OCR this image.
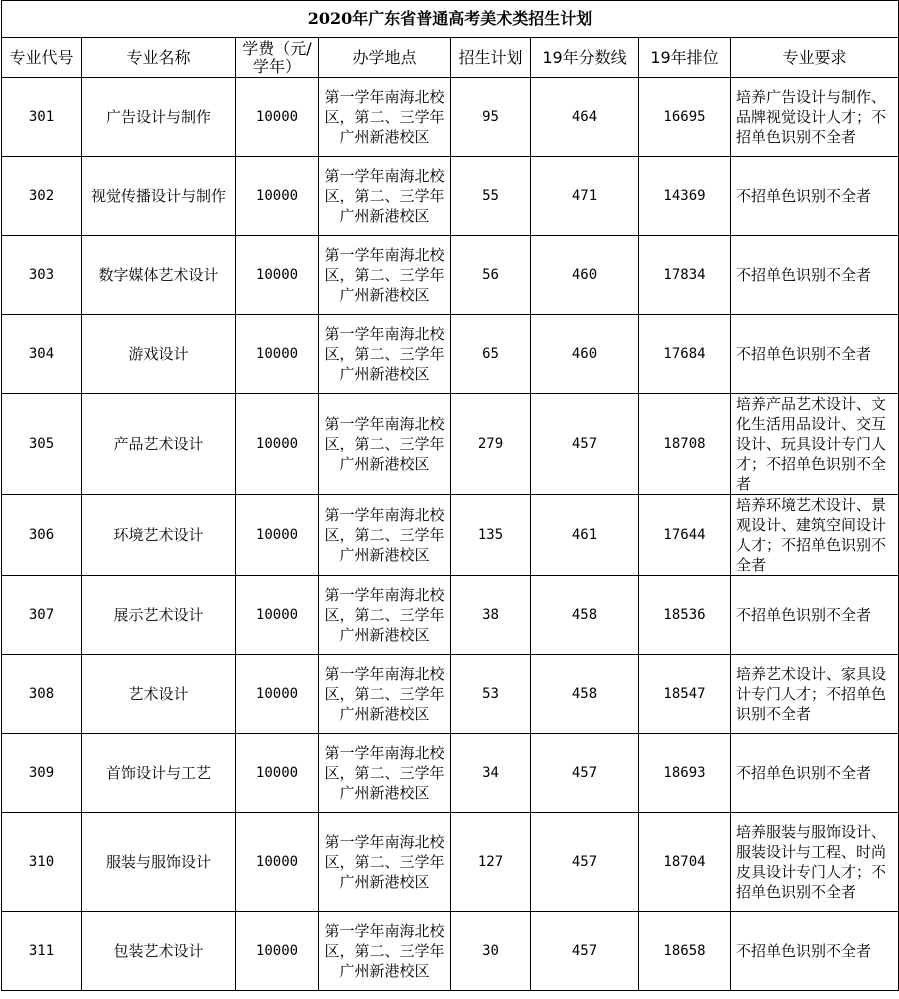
2020年广东省普通高考美术类招生计划							
专业代号	专业名称	学费（元/学年）	办学地点	招生计划	19年分数线	19年排位	专业要求
301	广告设计与制作	10000	第一学年南海北校区，第二、三学年广州新港校区	95	464	16695	培养广告设计与制作、品牌视觉设计人才；不招单色识别不全者
302	视觉传播设计与制作	10000	第一学年南海北校区，第二、三学年广州新港校区	55	471	14369	不招单色识别不全者
303	数字媒体艺术设计	10000	第一学年南海北校区，第二、三学年广州新港校区	56	460	17834	不招单色识别不全者
304	游戏设计	10000	第一学年南海北校区，第二、三学年广州新港校区	65	460	17684	不招单色识别不全者
305	产品艺术设计	10000	第一学年南海北校区，第二、三学年广州新港校区	279	457	18708	培养产品艺术设计、文化生活用品设计、交互设计、玩具设计专门人才；不招单色识别不全者
306	环境艺术设计	10000	第一学年南海北校区，第二、三学年广州新港校区	135	461	17644	培养环境艺术设计、景观设计、建筑空间设计人才；不招单色识别不全者
307	展示艺术设计	10000	第一学年南海北校区，第二、三学年广州新港校区	38	458	18536	不招单色识别不全者
308	艺术设计	10000	第一学年南海北校区，第二、三学年广州新港校区	53	458	18547	培养艺术设计、家具设计专门人才；不招单色识别不全者
309	首饰设计与工艺	10000	第一学年南海北校区，第二、三学年广州新港校区	34	457	18693	不招单色识别不全者
310	服装与服饰设计	10000	第一学年南海北校区，第二、三学年广州新港校区	127	457	18704	培养服装与服饰设计、服装设计与工程、时尚皮具设计专门人才；不招单色识别不全者
311	包装艺术设计	10000	第一学年南海北校区，第二、三学年广州新港校区	30	457	18658	不招单色识别不全者
